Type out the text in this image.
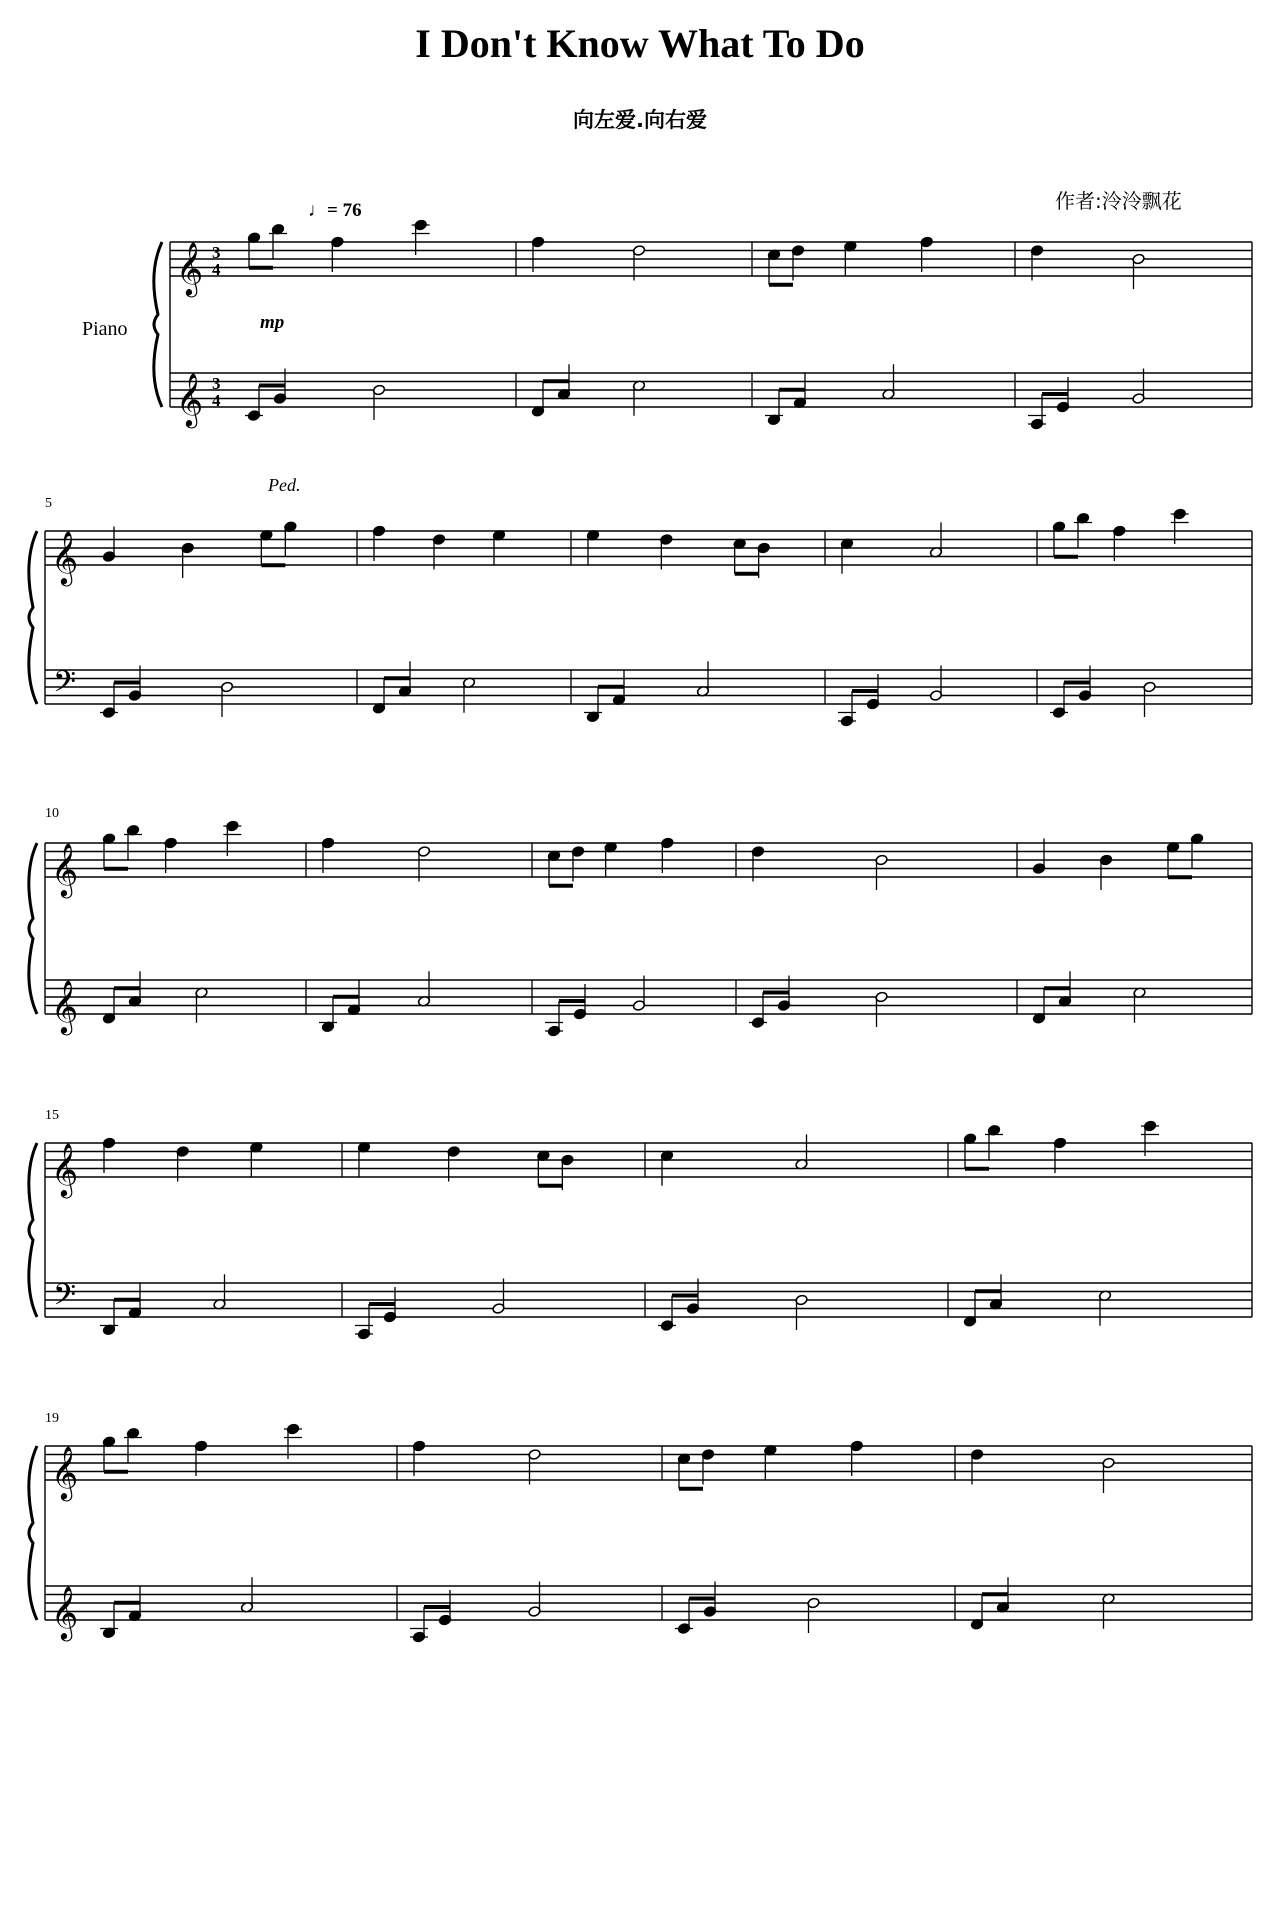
I Don't Know What To Do
向左爱.向右爱
作者:泠泠飘花
♩= 76
Piano	mp
Ped.
5
10
15
19
𝄞
𝄞
3
4
3
4
𝄞
𝄢
𝄞
𝄞
𝄞
𝄢
𝄞
𝄞
